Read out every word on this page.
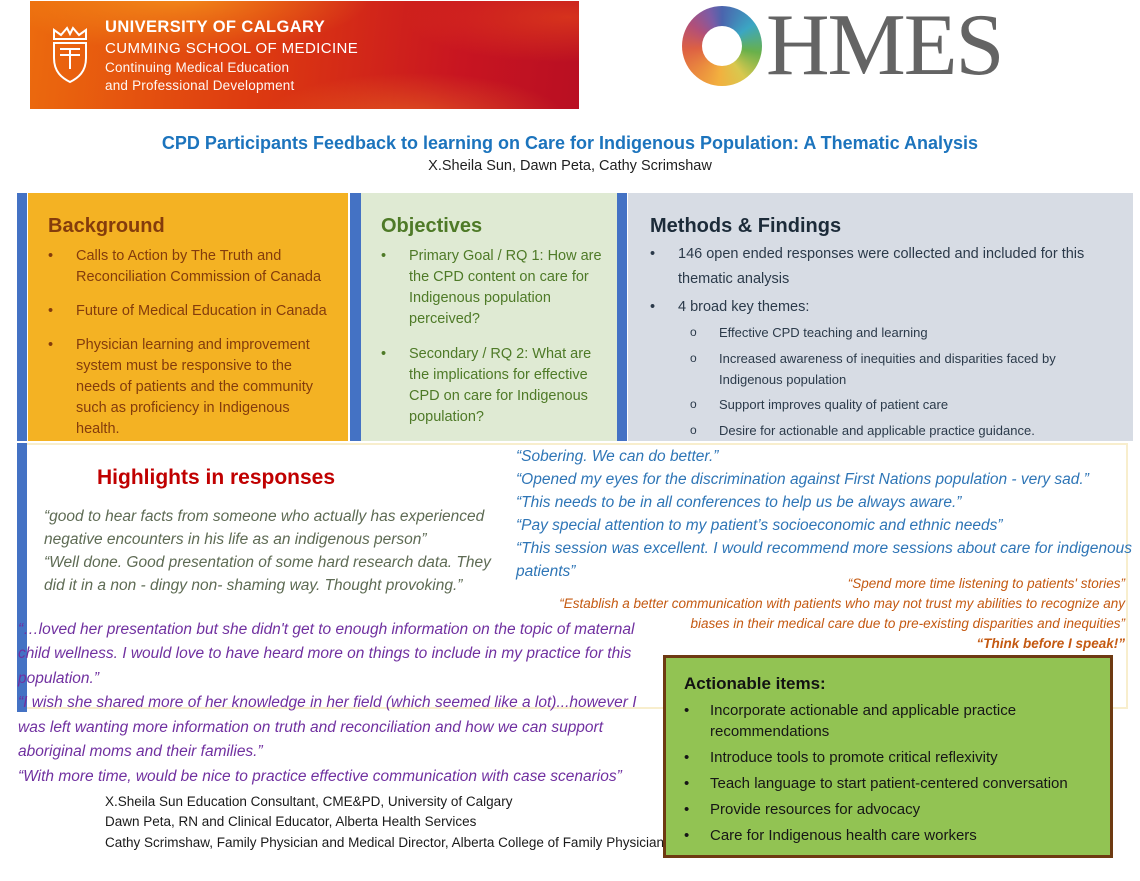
UNIVERSITY OF CALGARY
CUMMING SCHOOL OF MEDICINE
Continuing Medical Education
and Professional Development	HMES
CPD Participants Feedback to learning on Care for Indigenous Population: A Thematic Analysis
X.Sheila Sun, Dawn Peta, Cathy Scrimshaw
Background
• Calls to Action by The Truth and Reconciliation Commission of Canada
• Future of Medical Education in Canada
• Physician learning and improvement system must be responsive to the needs of patients and the community such as proficiency in Indigenous health.
Objectives
• Primary Goal / RQ 1: How are the CPD content on care for Indigenous population perceived?
• Secondary / RQ 2: What are the implications for effective CPD on care for Indigenous population?
Methods & Findings
• 146 open ended responses were collected and included for this thematic analysis
• 4 broad key themes:
o Effective CPD teaching and learning
o Increased awareness of inequities and disparities faced by Indigenous population
o Support improves quality of patient care
o Desire for actionable and applicable practice guidance.
Highlights in responses
“good to hear facts from someone who actually has experienced negative encounters in his life as an indigenous person”
“Well done. Good presentation of some hard research data. They did it in a non - dingy non- shaming way. Thought provoking.”
“Sobering. We can do better.”
“Opened my eyes for the discrimination against First Nations population - very sad.”
“This needs to be in all conferences to help us be always aware.”
“Pay special attention to my patient’s socioeconomic and ethnic needs”
“This session was excellent. I would recommend more sessions about care for indigenous patients”
“Spend more time listening to patients' stories”
“Establish a better communication with patients who may not trust my abilities to recognize any biases in their medical care due to pre-existing disparities and inequities”
“Think before I speak!”
“…loved her presentation but she didn't get to enough information on the topic of maternal child wellness. I would love to have heard more on things to include in my practice for this population.”
“I wish she shared more of her knowledge in her field (which seemed like a lot)...however I was left wanting more information on truth and reconciliation and how we can support aboriginal moms and their families.”
“With more time, would be nice to practice effective communication with case scenarios”
Actionable items:
• Incorporate actionable and applicable practice recommendations
• Introduce tools to promote critical reflexivity
• Teach language to start patient-centered conversation
• Provide resources for advocacy
• Care for Indigenous health care workers
X.Sheila Sun Education Consultant, CME&PD, University of Calgary
Dawn Peta, RN and Clinical Educator, Alberta Health Services
Cathy Scrimshaw, Family Physician and Medical Director, Alberta College of Family Physician
